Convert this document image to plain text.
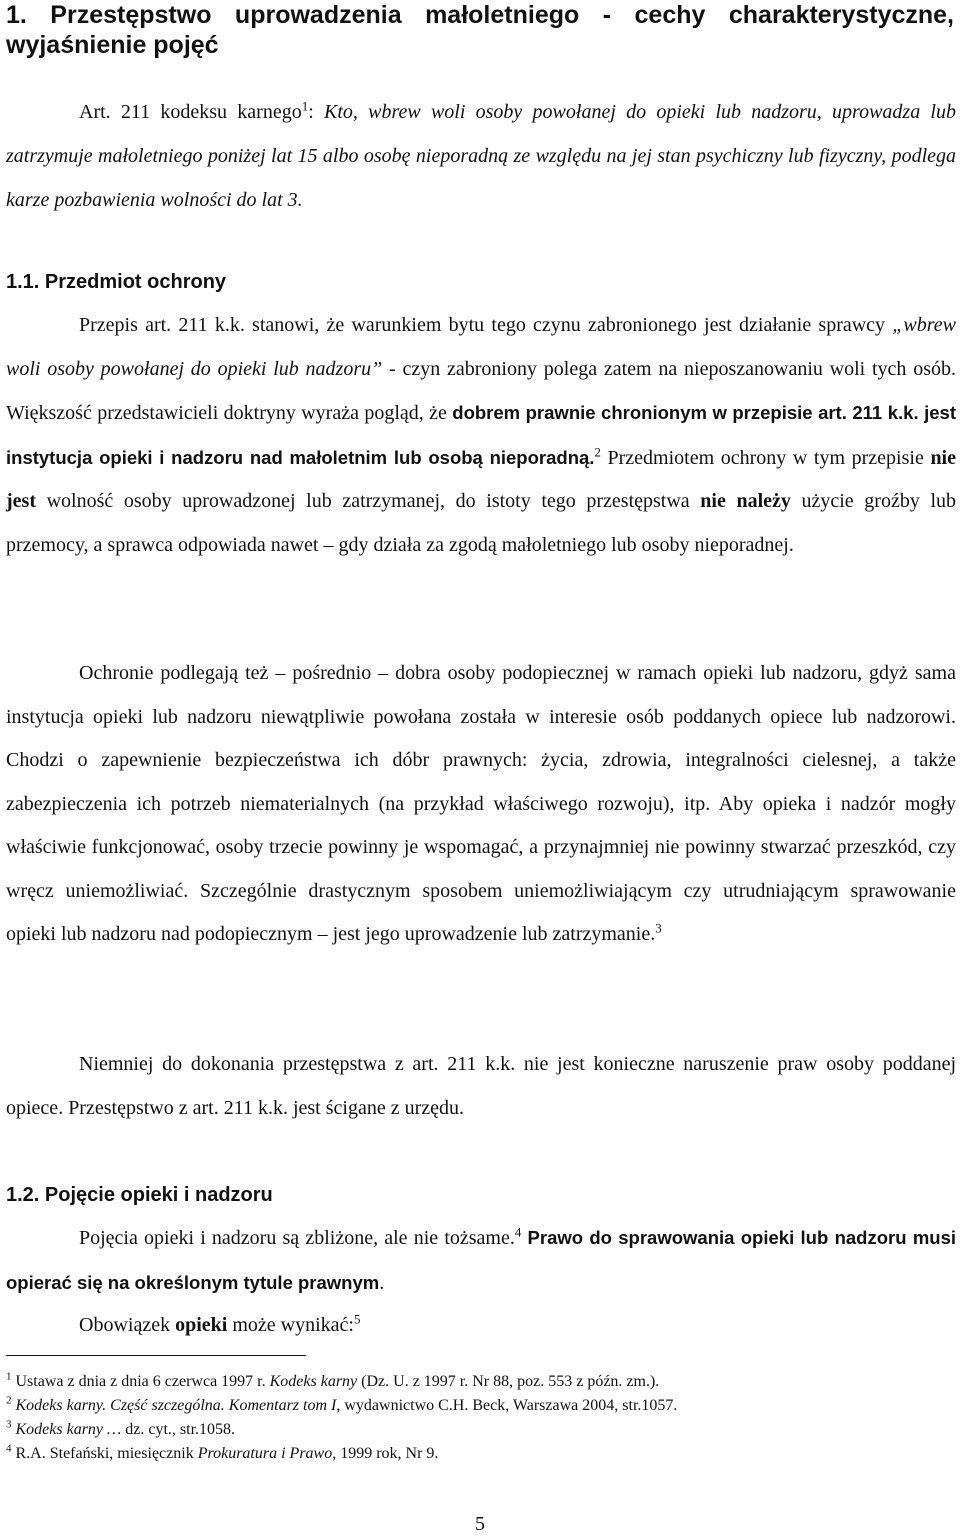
1. Przestępstwo uprowadzenia małoletniego - cechy charakterystyczne, wyjaśnienie pojęć

Art. 211 kodeksu karnego$^1$: Kto, wbrew woli osoby powołanej do opieki lub nadzoru, uprowadza lub zatrzymuje małoletniego poniżej lat 15 albo osobę nieporadną ze względu na jej stan psychiczny lub fizyczny, podlega karze pozbawienia wolności do lat 3.

1.1. Przedmiot ochrony

Przepis art. 211 k.k. stanowi, że warunkiem bytu tego czynu zabronionego jest działanie sprawcy „wbrew woli osoby powołanej do opieki lub nadzoru” - czyn zabroniony polega zatem na nieposzanowaniu woli tych osób. Większość przedstawicieli doktryny wyraża pogląd, że dobrem prawnie chronionym w przepisie art. 211 k.k. jest instytucja opieki i nadzoru nad małoletnim lub osobą nieporadną.$^2$ Przedmiotem ochrony w tym przepisie nie jest wolność osoby uprowadzonej lub zatrzymanej, do istoty tego przestępstwa nie należy użycie groźby lub przemocy, a sprawca odpowiada nawet – gdy działa za zgodą małoletniego lub osoby nieporadnej.

Ochronie podlegają też – pośrednio – dobra osoby podopiecznej w ramach opieki lub nadzoru, gdyż sama instytucja opieki lub nadzoru niewątpliwie powołana została w interesie osób poddanych opiece lub nadzorowi. Chodzi o zapewnienie bezpieczeństwa ich dóbr prawnych: życia, zdrowia, integralności cielesnej, a także zabezpieczenia ich potrzeb niematerialnych (na przykład właściwego rozwoju), itp. Aby opieka i nadzór mogły właściwie funkcjonować, osoby trzecie powinny je wspomagać, a przynajmniej nie powinny stwarzać przeszkód, czy wręcz uniemożliwiać. Szczególnie drastycznym sposobem uniemożliwiającym czy utrudniającym sprawowanie opieki lub nadzoru nad podopiecznym – jest jego uprowadzenie lub zatrzymanie.$^3$

Niemniej do dokonania przestępstwa z art. 211 k.k. nie jest konieczne naruszenie praw osoby poddanej opiece. Przestępstwo z art. 211 k.k. jest ścigane z urzędu.

1.2. Pojęcie opieki i nadzoru

Pojęcia opieki i nadzoru są zbliżone, ale nie tożsame.$^4$ Prawo do sprawowania opieki lub nadzoru musi opierać się na określonym tytule prawnym.

Obowiązek opieki może wynikać:$^5$

$^1$ Ustawa z dnia z dnia 6 czerwca 1997 r. Kodeks karny (Dz. U. z 1997 r. Nr 88, poz. 553 z późn. zm.).

$^2$ Kodeks karny. Część szczególna. Komentarz tom I, wydawnictwo C.H. Beck, Warszawa 2004, str.1057.

$^3$ Kodeks karny … dz. cyt., str.1058.

$^4$ R.A. Stefański, miesięcznik Prokuratura i Prawo, 1999 rok, Nr 9.

5
